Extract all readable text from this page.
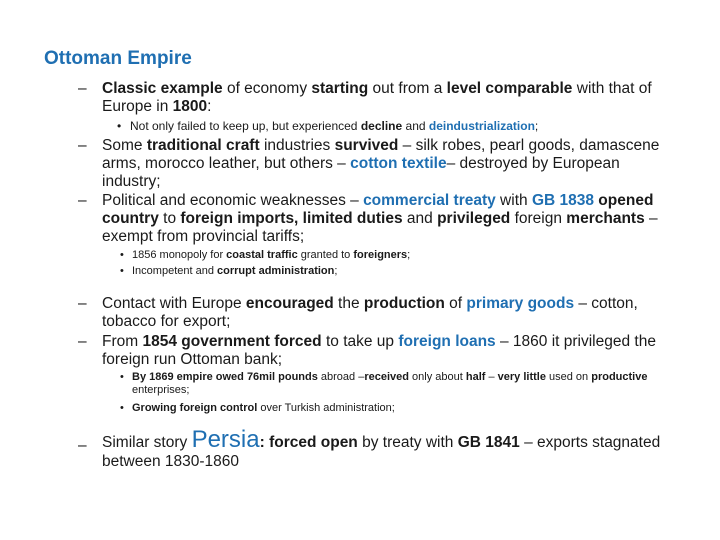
Ottoman Empire
– Classic example of economy starting out from a level comparable with that of Europe in 1800:
• Not only failed to keep up, but experienced decline and deindustrialization;
– Some traditional craft industries survived – silk robes, pearl goods, damascene arms, morocco leather, but others – cotton textile– destroyed by European industry;
– Political and economic weaknesses – commercial treaty with GB 1838 opened country to foreign imports, limited duties and privileged foreign merchants – exempt from provincial tariffs;
• 1856 monopoly for coastal traffic granted to foreigners;
• Incompetent and corrupt administration;
– Contact with Europe encouraged the production of primary goods – cotton, tobacco for export;
– From 1854 government forced to take up foreign loans – 1860 it privileged the foreign run Ottoman bank;
• By 1869 empire owed 76mil pounds abroad –received only about half – very little used on productive enterprises;
• Growing foreign control over Turkish administration;
– Similar story Persia: forced open by treaty with GB 1841 – exports stagnated between 1830-1860
